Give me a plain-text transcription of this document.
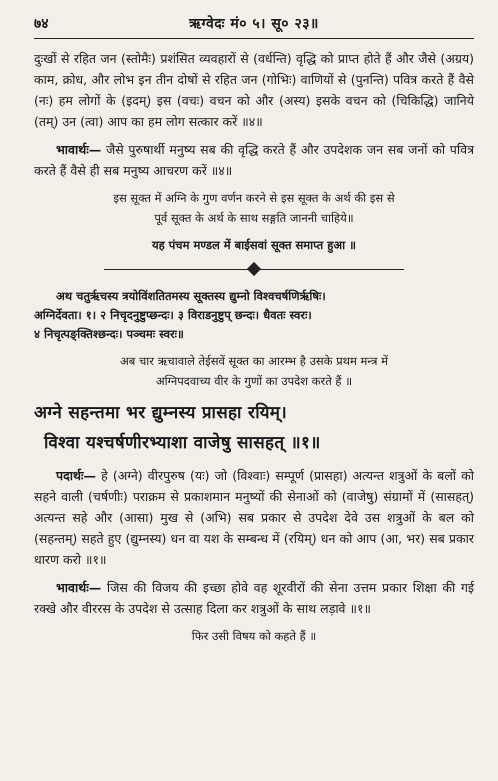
७४	ऋग्वेदः मं० ५। सू० २३॥

दुःखों से रहित जन (स्तोमैः) प्रशंसित व्यवहारों से (वर्धन्ति) वृद्धि को प्राप्त होते हैं और जैसे (अग्रय) काम, क्रोध, और लोभ इन तीन दोषों से रहित जन (गोभिः) वाणियों से (पुनन्ति) पवित्र करते हैं वैसे (नः) हम लोगों के (इदम्) इस (वचः) वचन को और (अस्य) इसके वचन को (चिकिद्धि) जानिये (तम्) उन (त्वा) आप का हम लोग सत्कार करें ॥४॥

भावार्थः— जैसे पुरुषार्थी मनुष्य सब की वृद्धि करते हैं और उपदेशक जन सब जनों को पवित्र करते हैं वैसे ही सब मनुष्य आचरण करें ॥४॥

इस सूक्त में अग्नि के गुण वर्णन करने से इस सूक्त के अर्थ की इस से

पूर्व सूक्त के अर्थ के साथ सङ्गति जाननी चाहिये॥

यह पंचम मण्डल में बाईसवां सूक्त समाप्त हुआ ॥

अथ चतुर्ऋचस्य त्रयोविंशतितमस्य सूक्तस्य द्युम्नो विश्वचर्षणिरृषिः।

अग्निर्देवता। १। २ निचृदनुष्टुप्छन्दः। ३ विराडनुष्टुप् छन्दः। धैवतः स्वरः।

४ निचृत्पङ्क्तिश्छन्दः। पञ्चमः स्वरः॥

अब चार ऋचावाले तेईसवें सूक्त का आरम्भ है उसके प्रथम मन्त्र में

अग्निपदवाच्य वीर के गुणों का उपदेश करते हैं ॥

अग्ने सहन्तमा भर द्युम्नस्य प्रासहा रयिम्।

विश्वा यश्चर्षणीरभ्याशा वाजेषु सासहत् ॥१॥

पदार्थः— हे (अग्ने) वीरपुरुष (यः) जो (विश्वाः) सम्पूर्ण (प्रासहा) अत्यन्त शत्रुओं के बलों को सहने वाली (चर्षणीः) पराक्रम से प्रकाशमान मनुष्यों की सेनाओं को (वाजेषु) संग्रामों में (सासहत्) अत्यन्त सहे और (आसा) मुख से (अभि) सब प्रकार से उपदेश देवे उस शत्रुओं के बल को (सहन्तम्) सहते हुए (द्युम्नस्य) धन वा यश के सम्बन्ध में (रयिम्) धन को आप (आ, भर) सब प्रकार धारण करो ॥१॥

भावार्थः— जिस की विजय की इच्छा होवे वह शूरवीरों की सेना उत्तम प्रकार शिक्षा की गई रक्खे और वीररस के उपदेश से उत्साह दिला कर शत्रुओं के साथ लड़ावे ॥१॥

फिर उसी विषय को कहते हैं ॥
